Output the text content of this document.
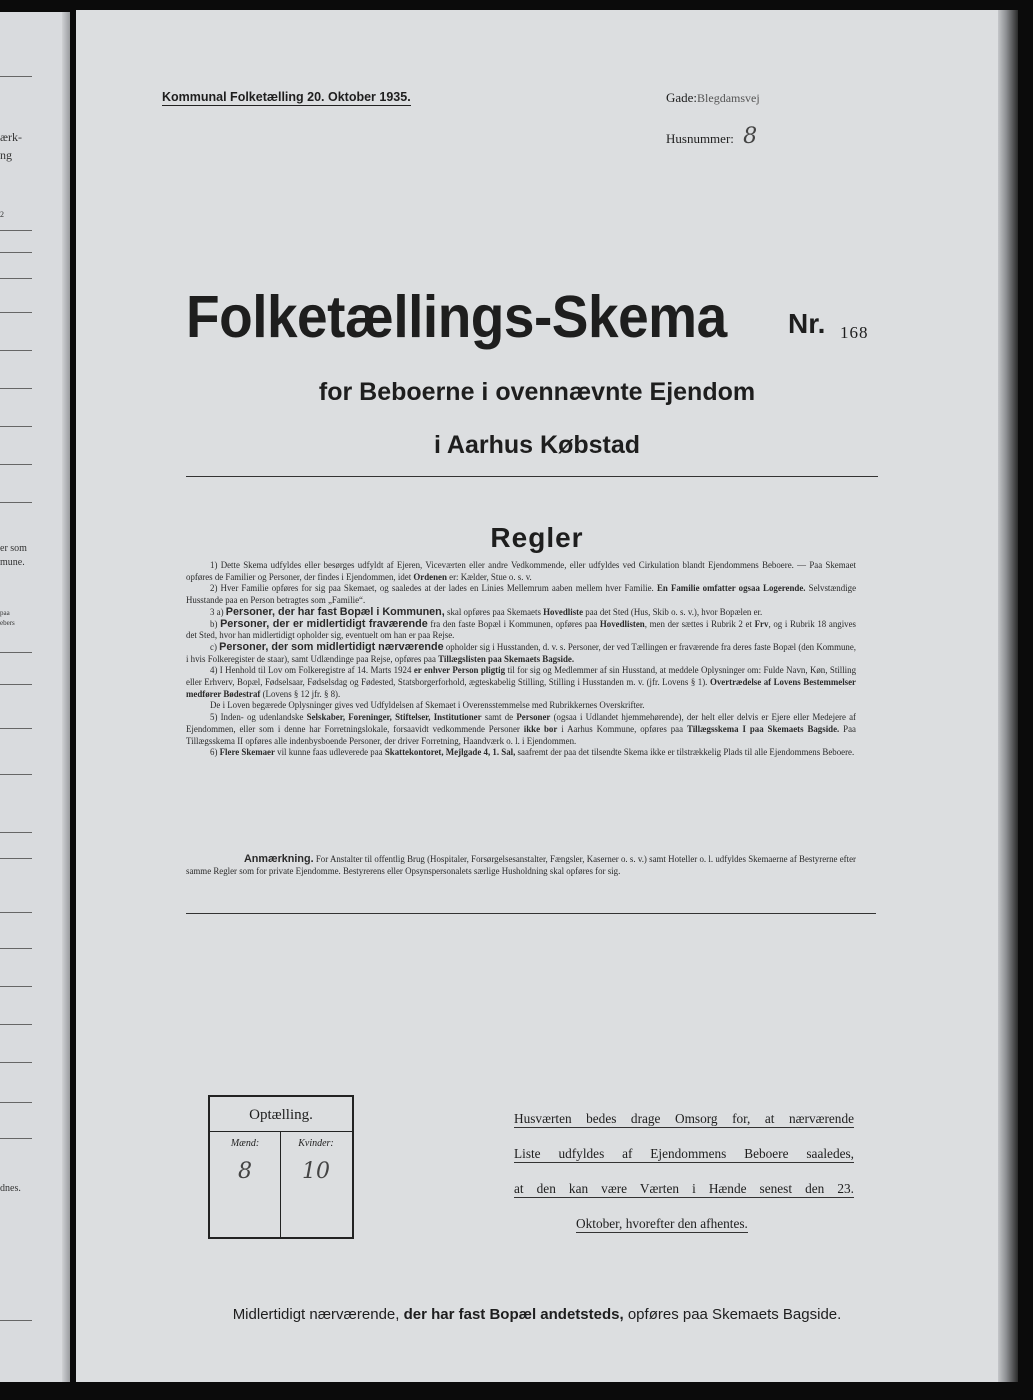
ærk-
ng
2
er som
mune.
paa
ebers
dnes.
Kommunal Folketælling 20. Oktober 1935.	Gade:Blegdamsvej
Husnummer: 8
Folketællings-Skema Nr. 168
for Beboerne i ovennævnte Ejendom
i Aarhus Købstad
Regler

1) Dette Skema udfyldes eller besørges udfyldt af Ejeren, Viceværten eller andre Vedkommende, eller udfyldes ved Cirkulation blandt Ejendommens Beboere. — Paa Skemaet opføres de Familier og Personer, der findes i Ejendommen, idet Ordenen er: Kælder, Stue o. s. v.

2) Hver Familie opføres for sig paa Skemaet, og saaledes at der lades en Linies Mellemrum aaben mellem hver Familie. En Familie omfatter ogsaa Logerende. Selvstændige Husstande paa en Person betragtes som „Familie“.

3 a) Personer, der har fast Bopæl i Kommunen, skal opføres paa Skemaets Hovedliste paa det Sted (Hus, Skib o. s. v.), hvor Bopælen er.

b) Personer, der er midlertidigt fraværende fra den faste Bopæl i Kommunen, opføres paa Hovedlisten, men der sættes i Rubrik 2 et Frv, og i Rubrik 18 angives det Sted, hvor han midlertidigt opholder sig, eventuelt om han er paa Rejse.

c) Personer, der som midlertidigt nærværende opholder sig i Husstanden, d. v. s. Personer, der ved Tællingen er fraværende fra deres faste Bopæl (den Kommune, i hvis Folkeregister de staar), samt Udlændinge paa Rejse, opføres paa Tillægslisten paa Skemaets Bagside.

4) I Henhold til Lov om Folkeregistre af 14. Marts 1924 er enhver Person pligtig til for sig og Medlemmer af sin Husstand, at meddele Oplysninger om: Fulde Navn, Køn, Stilling eller Erhverv, Bopæl, Fødselsaar, Fødselsdag og Fødested, Statsborgerforhold, ægteskabelig Stilling, Stilling i Husstanden m. v. (jfr. Lovens § 1). Overtrædelse af Lovens Bestemmelser medfører Bødestraf (Lovens § 12 jfr. § 8).

De i Loven begærede Oplysninger gives ved Udfyldelsen af Skemaet i Overensstemmelse med Rubrikkernes Overskrifter.

5) Inden- og udenlandske Selskaber, Foreninger, Stiftelser, Institutioner samt de Personer (ogsaa i Udlandet hjemmehørende), der helt eller delvis er Ejere eller Medejere af Ejendommen, eller som i denne har Forretningslokale, forsaavidt vedkommende Personer ikke bor i Aarhus Kommune, opføres paa Tillægsskema I paa Skemaets Bagside. Paa Tillægsskema II opføres alle indenbysboende Personer, der driver Forretning, Haandværk o. l. i Ejendommen.

6) Flere Skemaer vil kunne faas udleverede paa Skattekontoret, Mejlgade 4, 1. Sal, saafremt der paa det tilsendte Skema ikke er tilstrækkelig Plads til alle Ejendommens Beboere.

Anmærkning. For Anstalter til offentlig Brug (Hospitaler, Forsørgelsesanstalter, Fængsler, Kaserner o. s. v.) samt Hoteller o. l. udfyldes Skemaerne af Bestyrerne efter samme Regler som for private Ejendomme. Bestyrerens eller Opsynspersonalets særlige Husholdning skal opføres for sig.
Optælling.
Mænd:
8
Kvinder:
10
Husværten bedes drage Omsorg for, at nærværende
Liste udfyldes af Ejendommens Beboere saaledes,
at den kan være Værten i Hænde senest den 23.
Oktober, hvorefter den afhentes.
Midlertidigt nærværende, der har fast Bopæl andetsteds, opføres paa Skemaets Bagside.
